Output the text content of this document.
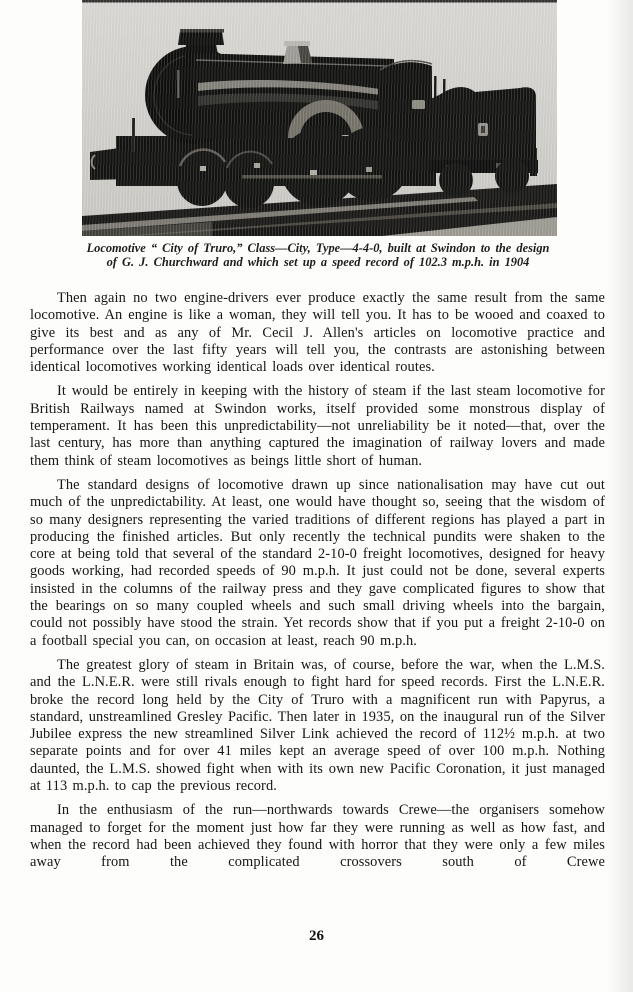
Locomotive “ City of Truro,” Class—City, Type—4-4-0, built at Swindon to the design
of G. J. Churchward and which set up a speed record of 102.3 m.p.h. in 1904

Then again no two engine-drivers ever produce exactly the same result from the same locomotive. An engine is like a woman, they will tell you. It has to be wooed and coaxed to give its best and as any of Mr. Cecil J. Allen's articles on locomotive practice and performance over the last fifty years will tell you, the contrasts are astonishing between identical locomotives working identical loads over identical routes.

It would be entirely in keeping with the history of steam if the last steam locomotive for British Railways named at Swindon works, itself provided some monstrous display of temperament. It has been this unpredictability—not unreliability be it noted—that, over the last century, has more than anything captured the imagination of railway lovers and made them think of steam locomotives as beings little short of human.

The standard designs of locomotive drawn up since nationalisation may have cut out much of the unpredictability. At least, one would have thought so, seeing that the wisdom of so many designers representing the varied traditions of different regions has played a part in producing the finished articles. But only recently the technical pundits were shaken to the core at being told that several of the standard 2-10-0 freight locomotives, designed for heavy goods working, had recorded speeds of 90 m.p.h. It just could not be done, several experts insisted in the columns of the railway press and they gave complicated figures to show that the bearings on so many coupled wheels and such small driving wheels into the bargain, could not possibly have stood the strain. Yet records show that if you put a freight 2-10-0 on a football special you can, on occasion at least, reach 90 m.p.h.

The greatest glory of steam in Britain was, of course, before the war, when the L.M.S. and the L.N.E.R. were still rivals enough to fight hard for speed records. First the L.N.E.R. broke the record long held by the City of Truro with a magnificent run with Papyrus, a standard, unstreamlined Gresley Pacific. Then later in 1935, on the inaugural run of the Silver Jubilee express the new streamlined Silver Link achieved the record of 112½ m.p.h. at two separate points and for over 41 miles kept an average speed of over 100 m.p.h. Nothing daunted, the L.M.S. showed fight when with its own new Pacific Coronation, it just managed at 113 m.p.h. to cap the previous record.

In the enthusiasm of the run—northwards towards Crewe—the organisers somehow managed to forget for the moment just how far they were running as well as how fast, and when the record had been achieved they found with horror that they were only a few miles away from the complicated crossovers south of Crewe

26
